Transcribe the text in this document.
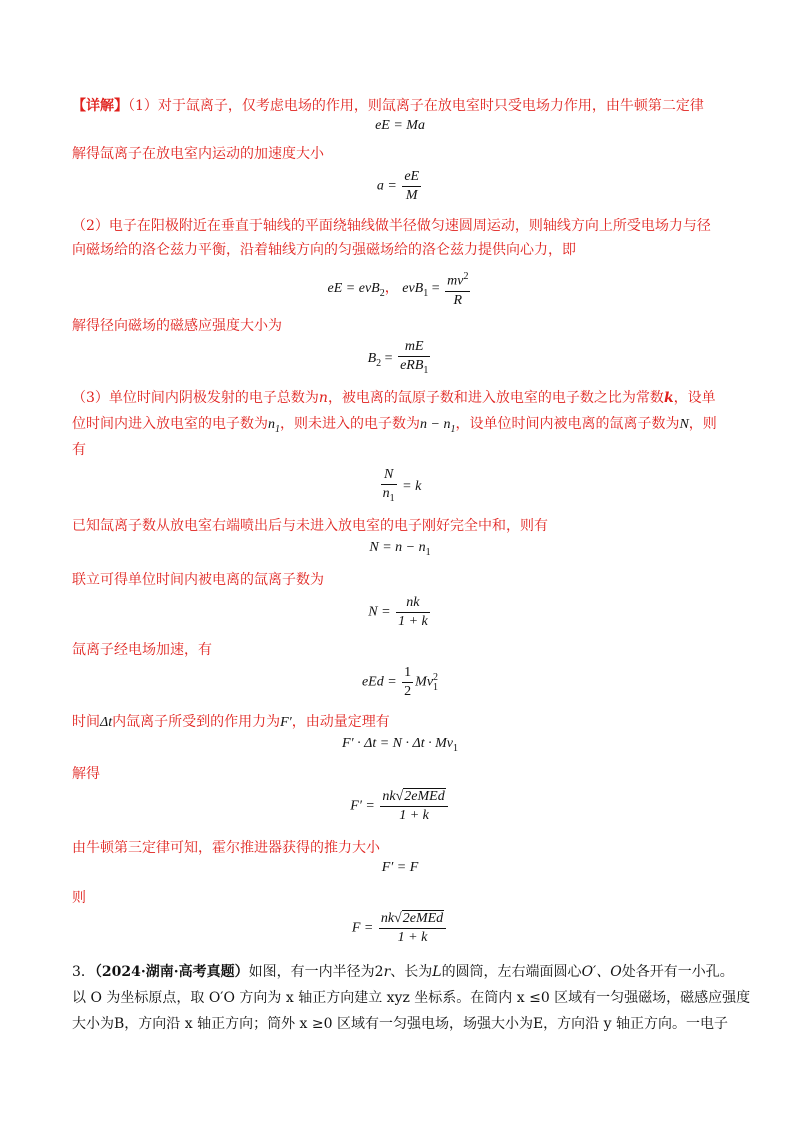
【详解】（1）对于氙离子，仅考虑电场的作用，则氙离子在放电室时只受电场力作用，由牛顿第二定律
eE = Ma
解得氙离子在放电室内运动的加速度大小
$a = \frac{eE}{M}$
（2）电子在阳极附近在垂直于轴线的平面绕轴线做半径做匀速圆周运动，则轴线方向上所受电场力与径
向磁场给的洛仑兹力平衡，沿着轴线方向的匀强磁场给的洛仑兹力提供向心力，即
eE = evB$_2$， $evB_1 = \frac{mv^2}{R}$
解得径向磁场的磁感应强度大小为
$B_2 = \frac{mE}{eRB_1}$
（3）单位时间内阴极发射的电子总数为n，被电离的氙原子数和进入放电室的电子数之比为常数k，设单
位时间内进入放电室的电子数为$n_1$，则未进入的电子数为$n - n_1$，设单位时间内被电离的氙离子数为N，则
有
$\frac{N}{n_1} = k$
已知氙离子数从放电室右端喷出后与未进入放电室的电子刚好完全中和，则有
$N = n - n_1$
联立可得单位时间内被电离的氙离子数为
$N = \frac{nk}{1 + k}$
氙离子经电场加速，有
eEd = $\frac{1}{2}$ Mv 2
1
时间Δt内氙离子所受到的作用力为F′，由动量定理有
$F' \cdot \Delta t = N \cdot \Delta t \cdot Mv_1$
解得
$F' = \frac{\text{nk√2eMEd}}{1 + k}$
由牛顿第三定律可知，霍尔推进器获得的推力大小
F′ = F
则
$F = \frac{\text{nk√2eMEd}}{1 + k}$
3．（2024·湖南·高考真题）如图，有一内半径为2r、长为L的圆筒，左右端面圆心O′、O处各开有一小孔。
以 O 为坐标原点，取 O′O 方向为 x 轴正方向建立 xyz 坐标系。在筒内 x ≤0 区域有一匀强磁场，磁感应强度
大小为B，方向沿 x 轴正方向；筒外 x ≥0 区域有一匀强电场，场强大小为E，方向沿 y 轴正方向。一电子
